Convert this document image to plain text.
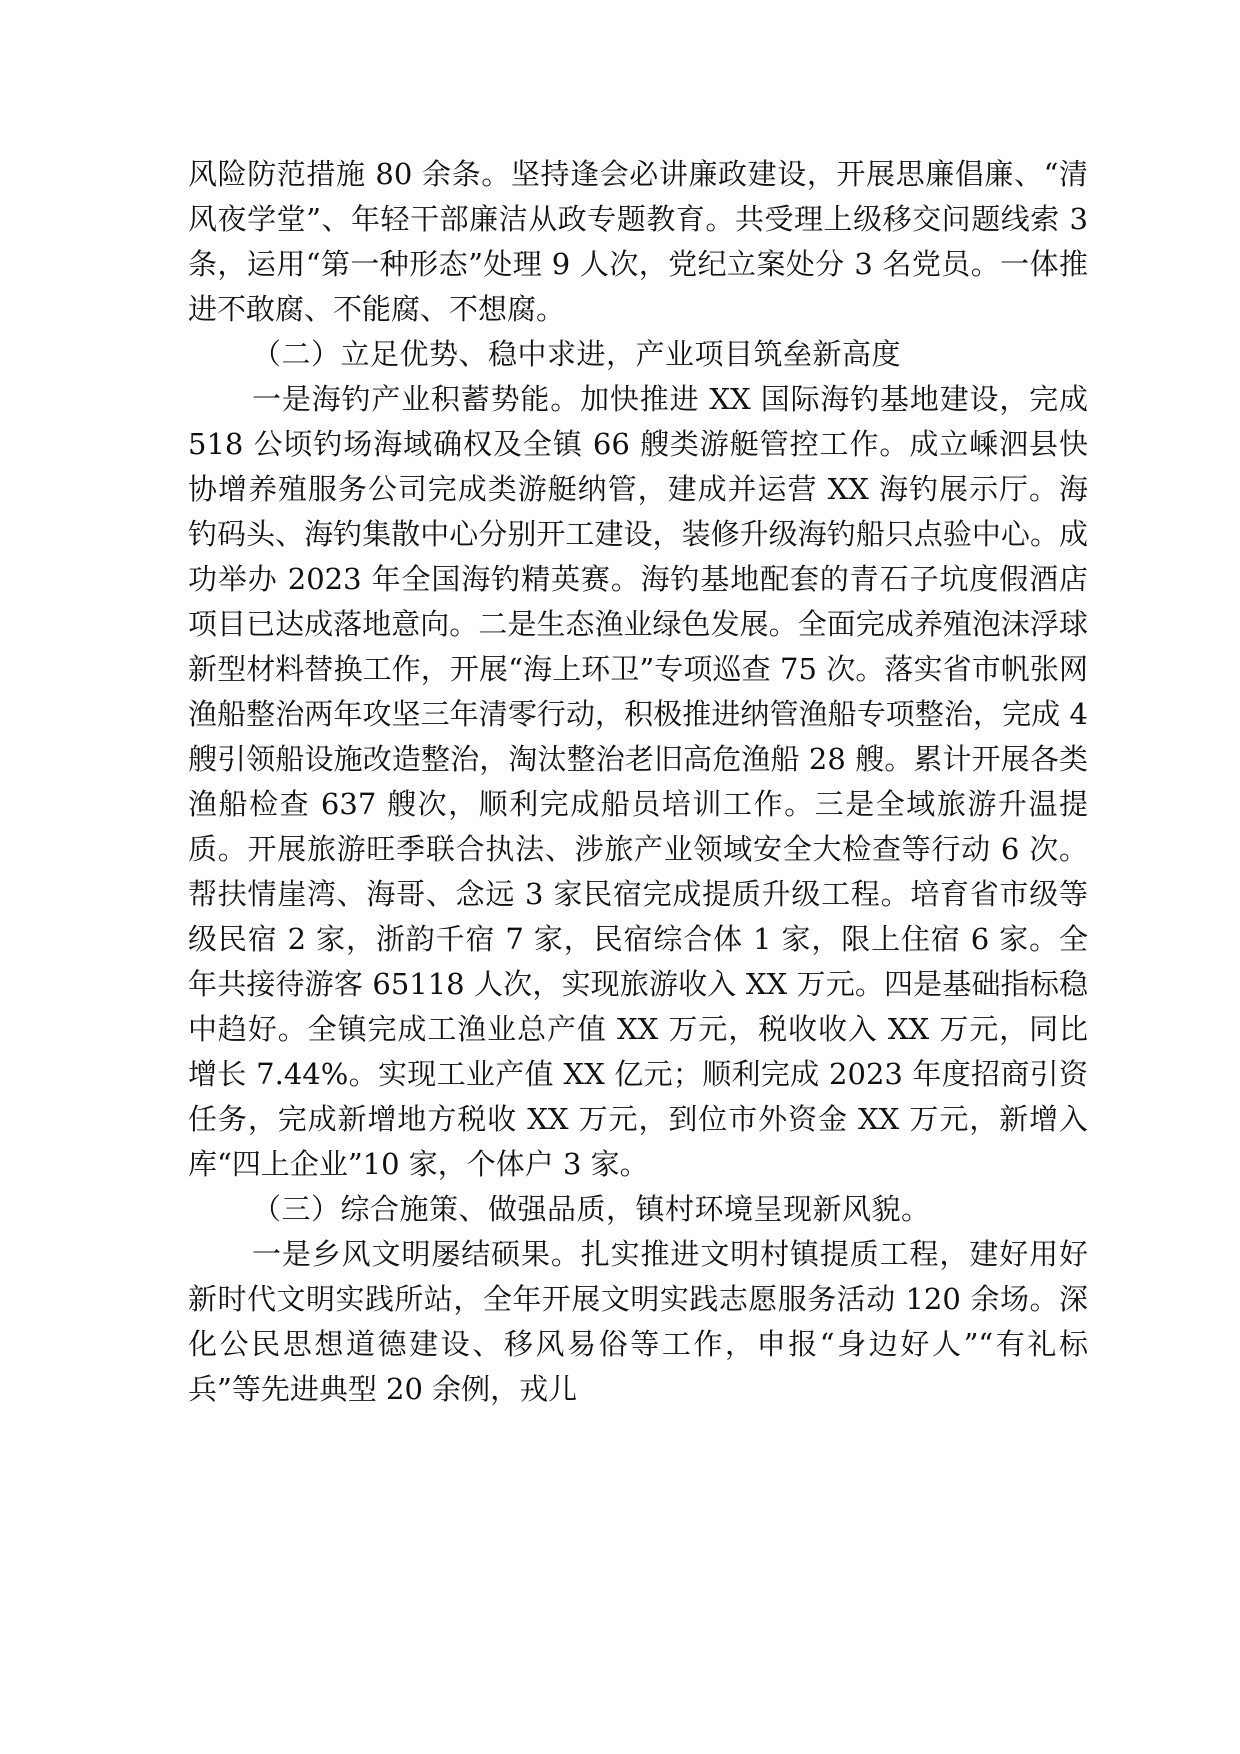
风险防范措施 80 余条。坚持逢会必讲廉政建设，开展思廉倡廉、“清风夜学堂”、年轻干部廉洁从政专题教育。共受理上级移交问题线索 3 条，运用“第一种形态”处理 9 人次，党纪立案处分 3 名党员。一体推进不敢腐、不能腐、不想腐。

（二）立足优势、稳中求进，产业项目筑垒新高度

一是海钓产业积蓄势能。加快推进 XX 国际海钓基地建设，完成 518 公顷钓场海域确权及全镇 66 艘类游艇管控工作。成立嵊泗县快协增养殖服务公司完成类游艇纳管，建成并运营 XX 海钓展示厅。海钓码头、海钓集散中心分别开工建设，装修升级海钓船只点验中心。成功举办 2023 年全国海钓精英赛。海钓基地配套的青石子坑度假酒店项目已达成落地意向。二是生态渔业绿色发展。全面完成养殖泡沫浮球新型材料替换工作，开展“海上环卫”专项巡查 75 次。落实省市帆张网渔船整治两年攻坚三年清零行动，积极推进纳管渔船专项整治，完成 4 艘引领船设施改造整治，淘汰整治老旧高危渔船 28 艘。累计开展各类渔船检查 637 艘次，顺利完成船员培训工作。三是全域旅游升温提质。开展旅游旺季联合执法、涉旅产业领域安全大检查等行动 6 次。帮扶情崖湾、海哥、念远 3 家民宿完成提质升级工程。培育省市级等级民宿 2 家，浙韵千宿 7 家，民宿综合体 1 家，限上住宿 6 家。全年共接待游客 65118 人次，实现旅游收入 XX 万元。四是基础指标稳中趋好。全镇完成工渔业总产值 XX 万元，税收收入 XX 万元，同比增长 7.44%。实现工业产值 XX 亿元；顺利完成 2023 年度招商引资任务，完成新增地方税收 XX 万元，到位市外资金 XX 万元，新增入库“四上企业”10 家，个体户 3 家。

（三）综合施策、做强品质，镇村环境呈现新风貌。

一是乡风文明屡结硕果。扎实推进文明村镇提质工程，建好用好新时代文明实践所站，全年开展文明实践志愿服务活动 120 余场。深化公民思想道德建设、移风易俗等工作，申报“身边好人”“有礼标兵”等先进典型 20 余例，戎儿
